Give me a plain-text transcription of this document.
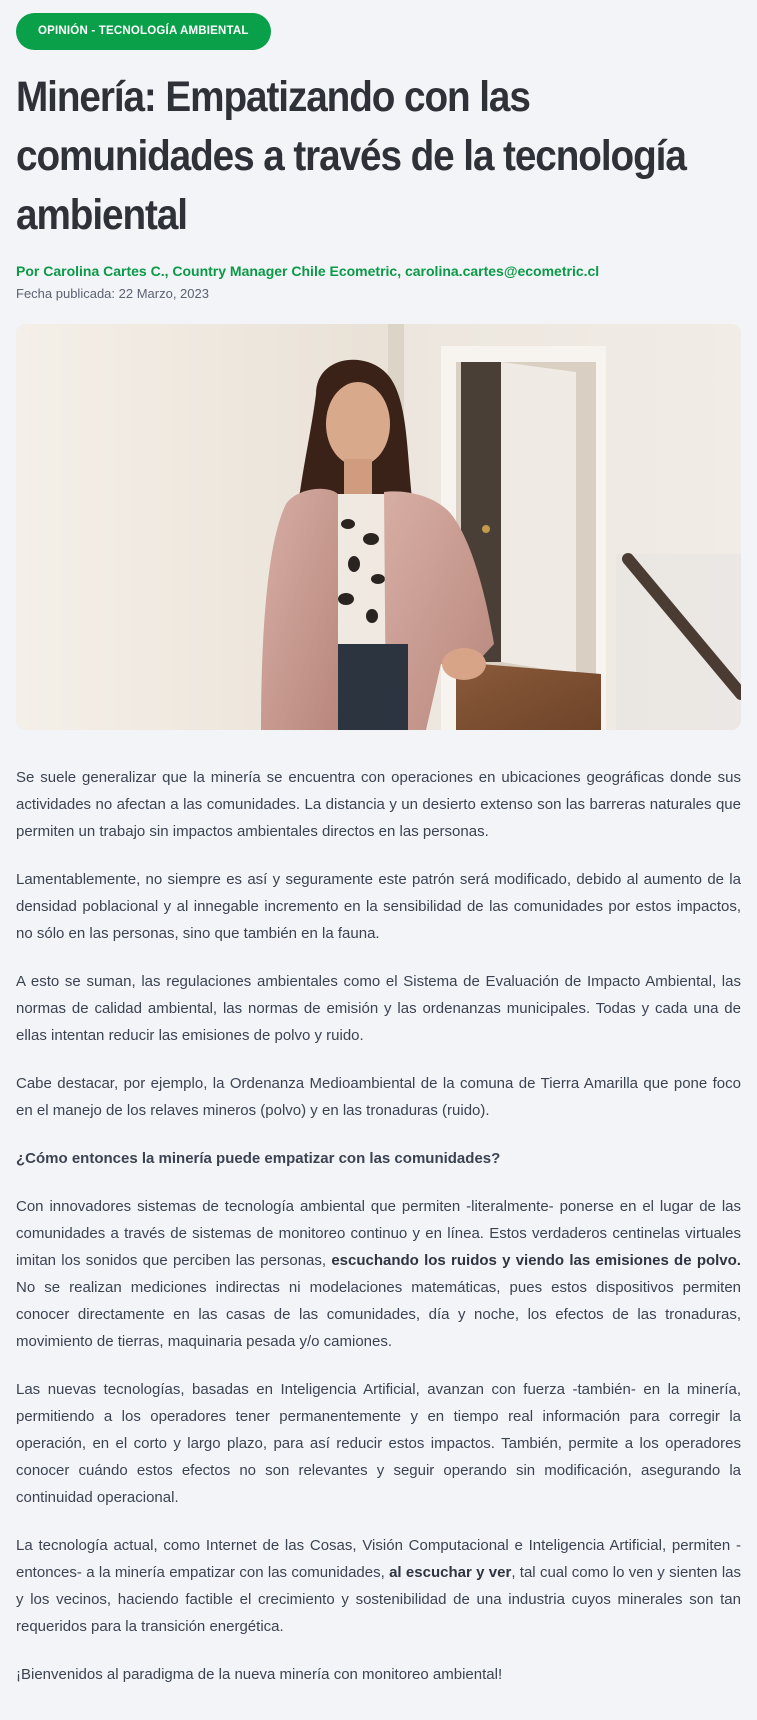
OPINIÓN - TECNOLOGÍA AMBIENTAL
Minería: Empatizando con las comunidades a través de la tecnología ambiental
Por Carolina Cartes C., Country Manager Chile Ecometric, carolina.cartes@ecometric.cl
Fecha publicada: 22 Marzo, 2023

Se suele generalizar que la minería se encuentra con operaciones en ubicaciones geográficas donde sus actividades no afectan a las comunidades. La distancia y un desierto extenso son las barreras naturales que permiten un trabajo sin impactos ambientales directos en las personas.

Lamentablemente, no siempre es así y seguramente este patrón será modificado, debido al aumento de la densidad poblacional y al innegable incremento en la sensibilidad de las comunidades por estos impactos, no sólo en las personas, sino que también en la fauna.

A esto se suman, las regulaciones ambientales como el Sistema de Evaluación de Impacto Ambiental, las normas de calidad ambiental, las normas de emisión y las ordenanzas municipales. Todas y cada una de ellas intentan reducir las emisiones de polvo y ruido.

Cabe destacar, por ejemplo, la Ordenanza Medioambiental de la comuna de Tierra Amarilla que pone foco en el manejo de los relaves mineros (polvo) y en las tronaduras (ruido).

¿Cómo entonces la minería puede empatizar con las comunidades?

Con innovadores sistemas de tecnología ambiental que permiten -literalmente- ponerse en el lugar de las comunidades a través de sistemas de monitoreo continuo y en línea. Estos verdaderos centinelas virtuales imitan los sonidos que perciben las personas, escuchando los ruidos y viendo las emisiones de polvo. No se realizan mediciones indirectas ni modelaciones matemáticas, pues estos dispositivos permiten conocer directamente en las casas de las comunidades, día y noche, los efectos de las tronaduras, movimiento de tierras, maquinaria pesada y/o camiones.

Las nuevas tecnologías, basadas en Inteligencia Artificial, avanzan con fuerza -también- en la minería, permitiendo a los operadores tener permanentemente y en tiempo real información para corregir la operación, en el corto y largo plazo, para así reducir estos impactos. También, permite a los operadores conocer cuándo estos efectos no son relevantes y seguir operando sin modificación, asegurando la continuidad operacional.

La tecnología actual, como Internet de las Cosas, Visión Computacional e Inteligencia Artificial, permiten -entonces- a la minería empatizar con las comunidades, al escuchar y ver, tal cual como lo ven y sienten las y los vecinos, haciendo factible el crecimiento y sostenibilidad de una industria cuyos minerales son tan requeridos para la transición energética.

¡Bienvenidos al paradigma de la nueva minería con monitoreo ambiental!
